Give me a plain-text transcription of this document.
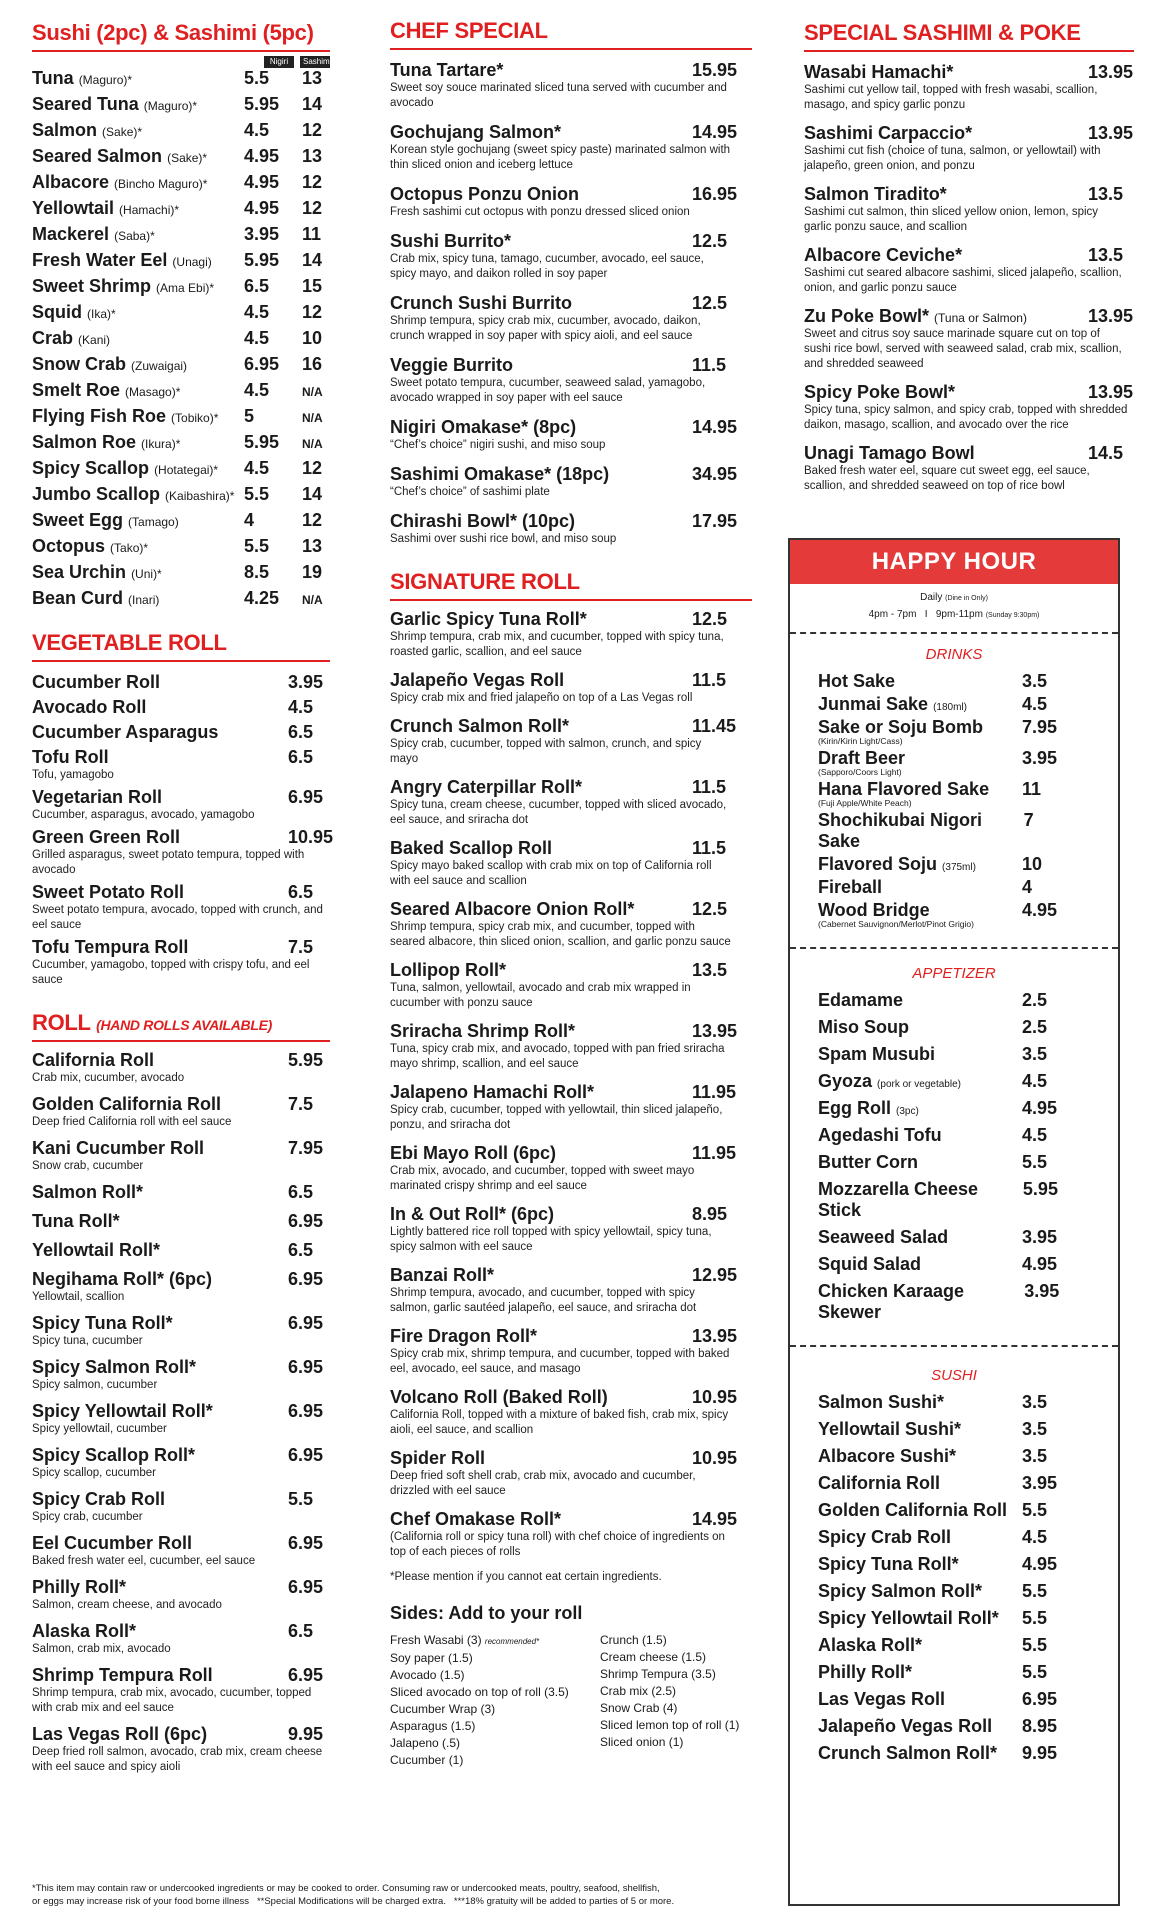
Sushi (2pc) & Sashimi (5pc)
Nigiri	Sashimi
Tuna (Maguro)*	5.5	13
Seared Tuna (Maguro)*	5.95	14
Salmon (Sake)*	4.5	12
Seared Salmon (Sake)*	4.95	13
Albacore (Bincho Maguro)*	4.95	12
Yellowtail (Hamachi)*	4.95	12
Mackerel (Saba)*	3.95	11
Fresh Water Eel (Unagi)	5.95	14
Sweet Shrimp (Ama Ebi)*	6.5	15
Squid (Ika)*	4.5	12
Crab (Kani)	4.5	10
Snow Crab (Zuwaigai)	6.95	16
Smelt Roe (Masago)*	4.5	N/A
Flying Fish Roe (Tobiko)*	5	N/A
Salmon Roe (Ikura)*	5.95	N/A
Spicy Scallop (Hotategai)*	4.5	12
Jumbo Scallop (Kaibashira)* 5.5	14
Sweet Egg (Tamago)	4	12
Octopus (Tako)*	5.5	13
Sea Urchin (Uni)*	8.5	19
Bean Curd (Inari)	4.25	N/A
VEGETABLE ROLL
Cucumber Roll	3.95
Avocado Roll	4.5
Cucumber Asparagus	6.5
Tofu Roll	6.5
Tofu, yamagobo
Vegetarian Roll	6.95
Cucumber, asparagus, avocado, yamagobo
Green Green Roll	10.95
Grilled asparagus, sweet potato tempura, topped with avocado
Sweet Potato Roll	6.5
Sweet potato tempura, avocado, topped with crunch, and eel sauce
Tofu Tempura Roll	7.5
Cucumber, yamagobo, topped with crispy tofu, and eel sauce
ROLL (HAND ROLLS AVAILABLE)
California Roll	5.95
Crab mix, cucumber, avocado
Golden California Roll	7.5
Deep fried California roll with eel sauce
Kani Cucumber Roll	7.95
Snow crab, cucumber
Salmon Roll*	6.5
Tuna Roll*	6.95
Yellowtail Roll*	6.5
Negihama Roll* (6pc)	6.95
Yellowtail, scallion
Spicy Tuna Roll*	6.95
Spicy tuna, cucumber
Spicy Salmon Roll*	6.95
Spicy salmon, cucumber
Spicy Yellowtail Roll*	6.95
Spicy yellowtail, cucumber
Spicy Scallop Roll*	6.95
Spicy scallop, cucumber
Spicy Crab Roll	5.5
Spicy crab, cucumber
Eel Cucumber Roll	6.95
Baked fresh water eel, cucumber, eel sauce
Philly Roll*	6.95
Salmon, cream cheese, and avocado
Alaska Roll*	6.5
Salmon, crab mix, avocado
Shrimp Tempura Roll	6.95
Shrimp tempura, crab mix, avocado, cucumber, topped with crab mix and eel sauce
Las Vegas Roll (6pc)	9.95
Deep fried roll salmon, avocado, crab mix, cream cheese with eel sauce and spicy aioli
CHEF SPECIAL
Tuna Tartare*	15.95
Sweet soy souce marinated sliced tuna served with cucumber and avocado
Gochujang Salmon*	14.95
Korean style gochujang (sweet spicy paste) marinated salmon with thin sliced onion and iceberg lettuce
Octopus Ponzu Onion	16.95
Fresh sashimi cut octopus with ponzu dressed sliced onion
Sushi Burrito*	12.5
Crab mix, spicy tuna, tamago, cucumber, avocado, eel sauce, spicy mayo, and daikon rolled in soy paper
Crunch Sushi Burrito	12.5
Shrimp tempura, spicy crab mix, cucumber, avocado, daikon, crunch wrapped in soy paper with spicy aioli, and eel sauce
Veggie Burrito	11.5
Sweet potato tempura, cucumber, seaweed salad, yamagobo, avocado wrapped in soy paper with eel sauce
Nigiri Omakase* (8pc)	14.95
“Chef’s choice” nigiri sushi, and miso soup
Sashimi Omakase* (18pc)	34.95
“Chef’s choice” of sashimi plate
Chirashi Bowl* (10pc)	17.95
Sashimi over sushi rice bowl, and miso soup
SIGNATURE ROLL
Garlic Spicy Tuna Roll*	12.5
Shrimp tempura, crab mix, and cucumber, topped with spicy tuna, roasted garlic, scallion, and eel sauce
Jalapeño Vegas Roll	11.5
Spicy crab mix and fried jalapeño on top of a Las Vegas roll
Crunch Salmon Roll*	11.45
Spicy crab, cucumber, topped with salmon, crunch, and spicy mayo
Angry Caterpillar Roll*	11.5
Spicy tuna, cream cheese, cucumber, topped with sliced avocado, eel sauce, and sriracha dot
Baked Scallop Roll	11.5
Spicy mayo baked scallop with crab mix on top of California roll with eel sauce and scallion
Seared Albacore Onion Roll*	12.5
Shrimp tempura, spicy crab mix, and cucumber, topped with seared albacore, thin sliced onion, scallion, and garlic ponzu sauce
Lollipop Roll*	13.5
Tuna, salmon, yellowtail, avocado and crab mix wrapped in cucumber with ponzu sauce
Sriracha Shrimp Roll*	13.95
Tuna, spicy crab mix, and avocado, topped with pan fried sriracha mayo shrimp, scallion, and eel sauce
Jalapeno Hamachi Roll*	11.95
Spicy crab, cucumber, topped with yellowtail, thin sliced jalapeño, ponzu, and sriracha dot
Ebi Mayo Roll (6pc)	11.95
Crab mix, avocado, and cucumber, topped with sweet mayo marinated crispy shrimp and eel sauce
In & Out Roll* (6pc)	8.95
Lightly battered rice roll topped with spicy yellowtail, spicy tuna, spicy salmon with eel sauce
Banzai Roll*	12.95
Shrimp tempura, avocado, and cucumber, topped with spicy salmon, garlic sautéed jalapeño, eel sauce, and sriracha dot
Fire Dragon Roll*	13.95
Spicy crab mix, shrimp tempura, and cucumber, topped with baked eel, avocado, eel sauce, and masago
Volcano Roll (Baked Roll)	10.95
California Roll, topped with a mixture of baked fish, crab mix, spicy aioli, eel sauce, and scallion
Spider Roll	10.95
Deep fried soft shell crab, crab mix, avocado and cucumber, drizzled with eel sauce
Chef Omakase Roll*	14.95
(California roll or spicy tuna roll) with chef choice of ingredients on top of each pieces of rolls
*Please mention if you cannot eat certain ingredients.
Sides: Add to your roll
Fresh Wasabi (3) recommended*
Soy paper (1.5)
Avocado (1.5)
Sliced avocado on top of roll (3.5)
Cucumber Wrap (3)
Asparagus (1.5)
Jalapeno (.5)
Cucumber (1)
Crunch (1.5)
Cream cheese (1.5)
Shrimp Tempura (3.5)
Crab mix (2.5)
Snow Crab (4)
Sliced lemon top of roll (1)
Sliced onion (1)
SPECIAL SASHIMI & POKE
Wasabi Hamachi*	13.95
Sashimi cut yellow tail, topped with fresh wasabi, scallion, masago, and spicy garlic ponzu
Sashimi Carpaccio*	13.95
Sashimi cut fish (choice of tuna, salmon, or yellowtail) with jalapeño, green onion, and ponzu
Salmon Tiradito*	13.5
Sashimi cut salmon, thin sliced yellow onion, lemon, spicy garlic ponzu sauce, and scallion
Albacore Ceviche*	13.5
Sashimi cut seared albacore sashimi, sliced jalapeño, scallion, onion, and garlic ponzu sauce
Zu Poke Bowl* (Tuna or Salmon)	13.95
Sweet and citrus soy sauce marinade square cut on top of sushi rice bowl, served with seaweed salad, crab mix, scallion, and shredded seaweed
Spicy Poke Bowl*	13.95
Spicy tuna, spicy salmon, and spicy crab, topped with shredded daikon, masago, scallion, and avocado over the rice
Unagi Tamago Bowl	14.5
Baked fresh water eel, square cut sweet egg, eel sauce, scallion, and shredded seaweed on top of rice bowl
HAPPY HOUR
Daily (Dine in Only)
4pm - 7pm   I   9pm-11pm (Sunday 9:30pm)
DRINKS
Hot Sake	3.5
Junmai Sake (180ml)	4.5
Sake or Soju Bomb 7.95
(Kirin/Kirin Light/Cass)
Draft Beer	3.95
(Sapporo/Coors Light)
Hana Flavored Sake 11
(Fuji Apple/White Peach)
Shochikubai Nigori Sake
7
Flavored Soju (375ml)	10
Fireball	4
Wood Bridge	4.95
(Cabernet Sauvignon/Merlot/Pinot Grigio)
APPETIZER
Edamame	2.5
Miso Soup	2.5
Spam Musubi	3.5
Gyoza (pork or vegetable)	4.5
Egg Roll (3pc)	4.95
Agedashi Tofu	4.5
Butter Corn	5.5
Mozzarella Cheese Stick
5.95
Seaweed Salad	3.95
Squid Salad	4.95
Chicken Karaage Skewer
3.95
SUSHI
Salmon Sushi*	3.5
Yellowtail Sushi*	3.5
Albacore Sushi*	3.5
California Roll	3.95
Golden California Roll 5.5
Spicy Crab Roll	4.5
Spicy Tuna Roll*	4.95
Spicy Salmon Roll* 5.5
Spicy Yellowtail Roll* 5.5
Alaska Roll*	5.5
Philly Roll*	5.5
Las Vegas Roll	6.95
Jalapeño Vegas Roll 8.95
Crunch Salmon Roll* 9.95
*This item may contain raw or undercooked ingredients or may be cooked to order. Consuming raw or undercooked meats, poultry, seafood, shellfish,
or eggs may increase risk of your food borne illness   **Special Modifications will be charged extra.   ***18% gratuity will be added to parties of 5 or more.
